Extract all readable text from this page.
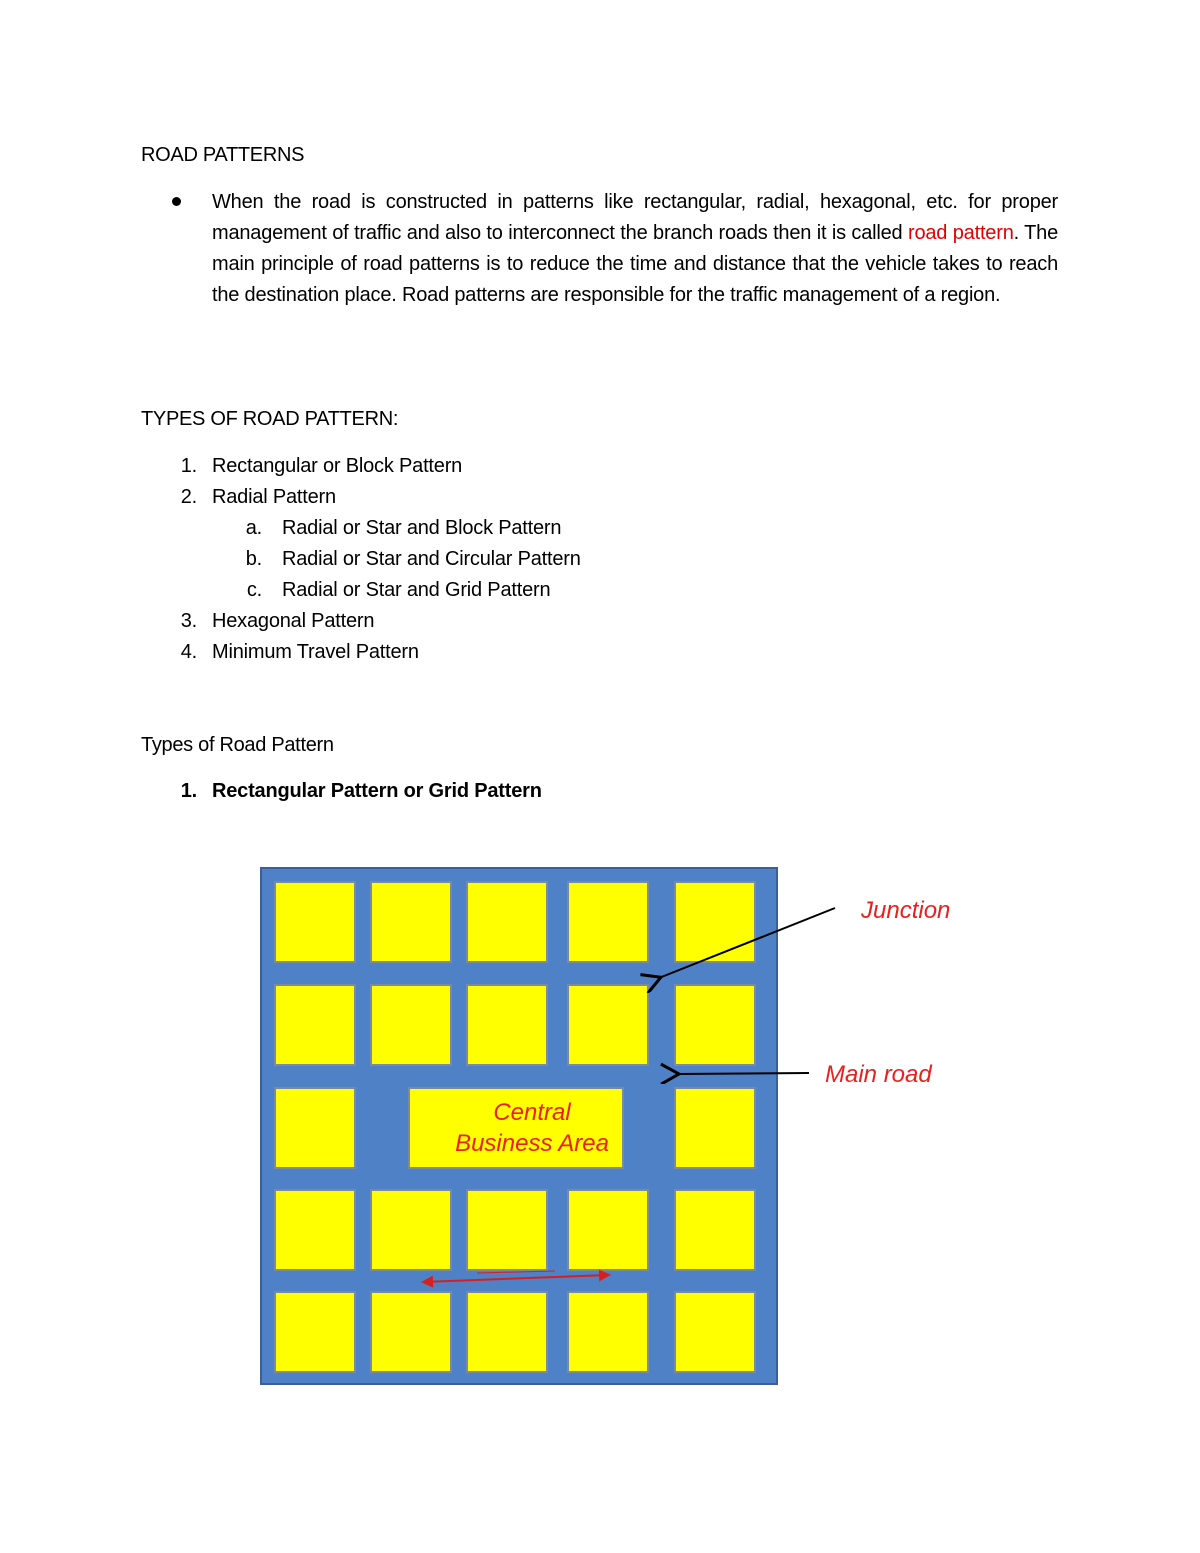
ROAD PATTERNS
When the road is constructed in patterns like rectangular, radial, hexagonal, etc. for proper management of traffic and also to interconnect the branch roads then it is called road pattern. The main principle of road patterns is to reduce the time and distance that the vehicle takes to reach the destination place. Road patterns are responsible for the traffic management of a region.
TYPES OF ROAD PATTERN:
1. Rectangular or Block Pattern
2. Radial Pattern
a. Radial or Star and Block Pattern
b. Radial or Star and Circular Pattern
c. Radial or Star and Grid Pattern
3. Hexagonal Pattern
4. Minimum Travel Pattern
Types of Road Pattern
1. Rectangular Pattern or Grid Pattern
Central
Business Area
Junction
Main road
